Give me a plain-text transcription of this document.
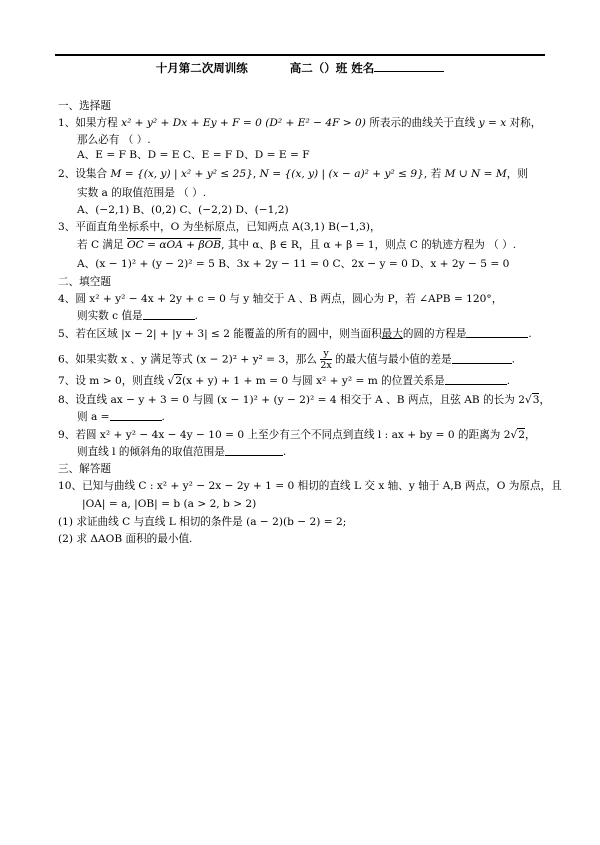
十月第二次周训练	高二（）班 姓名
一、选择题
1、如果方程 x² + y² + Dx + Ey + F = 0 (D² + E² − 4F > 0) 所表示的曲线关于直线 y = x 对称，
那么必有 （ ）.
A、E = F B、D = E C、E = F D、D = E = F
2、设集合 M = {(x, y) | x² + y² ≤ 25}, N = {(x, y) | (x − a)² + y² ≤ 9}, 若 M ∪ N = M，则
实数 a 的取值范围是 （ ）.
A、(−2,1) B、(0,2) C、(−2,2) D、(−1,2)
3、平面直角坐标系中，O 为坐标原点，已知两点 A(3,1) B(−1,3)，
若 C 满足 OC = αOA + βOB, 其中 α、β ∈ R，且 α + β = 1，则点 C 的轨迹方程为 （ ）.
A、(x − 1)² + (y − 2)² = 5 B、3x + 2y − 11 = 0 C、2x − y = 0 D、x + 2y − 5 = 0
二、填空题
4、圆 x² + y² − 4x + 2y + c = 0 与 y 轴交于 A 、B 两点，圆心为 P，若 ∠APB = 120°，
则实数 c 值是	.
5、若在区域 |x − 2| + |y + 3| ≤ 2 能覆盖的所有的圆中，则当面积最大的圆的方程是	.
6、如果实数 x 、y 满足等式 (x − 2)² + y² = 3，那么 $\frac{y}{2x}$ 的最大值与最小值的差是	.
7、设 m > 0，则直线 √2(x + y) + 1 + m = 0 与圆 x² + y² = m 的位置关系是	.
8、设直线 ax − y + 3 = 0 与圆 (x − 1)² + (y − 2)² = 4 相交于 A 、B 两点，且弦 AB 的长为 2√3，
则 a =	.
9、若圆 x² + y² − 4x − 4y − 10 = 0 上至少有三个不同点到直线 l : ax + by = 0 的距离为 2√2，
则直线 l 的倾斜角的取值范围是	.
三、解答题
10、已知与曲线 C : x² + y² − 2x − 2y + 1 = 0 相切的直线 L 交 x 轴、y 轴于 A,B 两点，O 为原点，且
|OA| = a, |OB| = b (a > 2, b > 2)
(1) 求证曲线 C 与直线 L 相切的条件是 (a − 2)(b − 2) = 2;
(2) 求 ΔAOB 面积的最小值.
